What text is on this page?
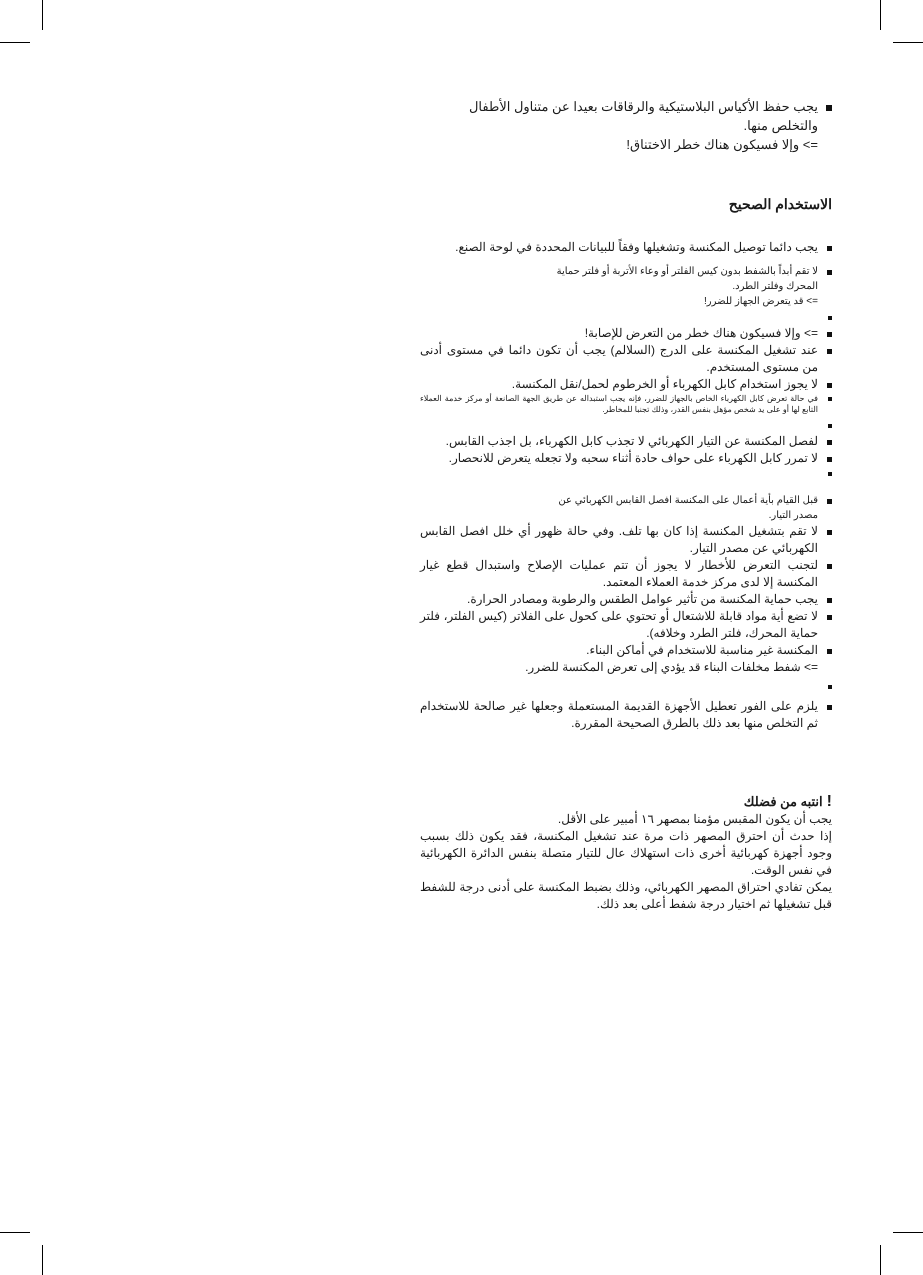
يجب حفظ الأكياس البلاستيكية والرقاقات بعيدا عن متناول الأطفال
والتخلص منها.
=> وإلا فسيكون هناك خطر الاختناق!
الاستخدام الصحيح
يجب دائما توصيل المكنسة وتشغيلها وفقاً للبيانات المحددة في لوحة الصنع.
لا تقم أبداً بالشفط بدون كيس الفلتر أو وعاء الأتربة أو فلتر حماية
المحرك وفلتر الطرد.
=> قد يتعرض الجهاز للضرر!
=> وإلا فسيكون هناك خطر من التعرض للإصابة!
عند تشغيل المكنسة على الدرج (السلالم) يجب أن تكون دائما في مستوى أدنى من مستوى المستخدم.
لا يجوز استخدام كابل الكهرباء أو الخرطوم لحمل/نقل المكنسة.
في حالة تعرض كابل الكهرباء الخاص بالجهاز للضرر، فإنه يجب استبداله عن طريق الجهة الصانعة أو مركز خدمة العملاء التابع لها أو على يد شخص مؤهل بنفس القدر، وذلك تجنبا للمخاطر.
لفصل المكنسة عن التيار الكهربائي لا تجذب كابل الكهرباء، بل اجذب القابس.
لا تمرر كابل الكهرباء على حواف حادة أثناء سحبه ولا تجعله يتعرض للانحصار.
قبل القيام بأية أعمال على المكنسة افصل القابس الكهربائي عن
مصدر التيار.
لا تقم بتشغيل المكنسة إذا كان بها تلف. وفي حالة ظهور أي خلل افصل القابس الكهربائي عن مصدر التيار.
لتجنب التعرض للأخطار لا يجوز أن تتم عمليات الإصلاح واستبدال قطع غيار المكنسة إلا لدى مركز خدمة العملاء المعتمد.
يجب حماية المكنسة من تأثير عوامل الطقس والرطوبة ومصادر الحرارة.
لا تضع أية مواد قابلة للاشتعال أو تحتوي على كحول على الفلاتر (كيس الفلتر، فلتر حماية المحرك، فلتر الطرد وخلافه).
المكنسة غير مناسبة للاستخدام في أماكن البناء.
=> شفط مخلفات البناء قد يؤدي إلى تعرض المكنسة للضرر.
يلزم على الفور تعطيل الأجهزة القديمة المستعملة وجعلها غير صالحة للاستخدام ثم التخلص منها بعد ذلك بالطرق الصحيحة المقررة.
!انتبه من فضلك
يجب أن يكون المقبس مؤمنا بمصهر ١٦ أمبير على الأقل.
إذا حدث أن احترق المصهر ذات مرة عند تشغيل المكنسة، فقد يكون ذلك بسبب وجود أجهزة كهربائية أخرى ذات استهلاك عال للتيار متصلة بنفس الدائرة الكهربائية في نفس الوقت.
يمكن تفادي احتراق المصهر الكهربائي، وذلك بضبط المكنسة على أدنى درجة للشفط قبل تشغيلها ثم اختيار درجة شفط أعلى بعد ذلك.
